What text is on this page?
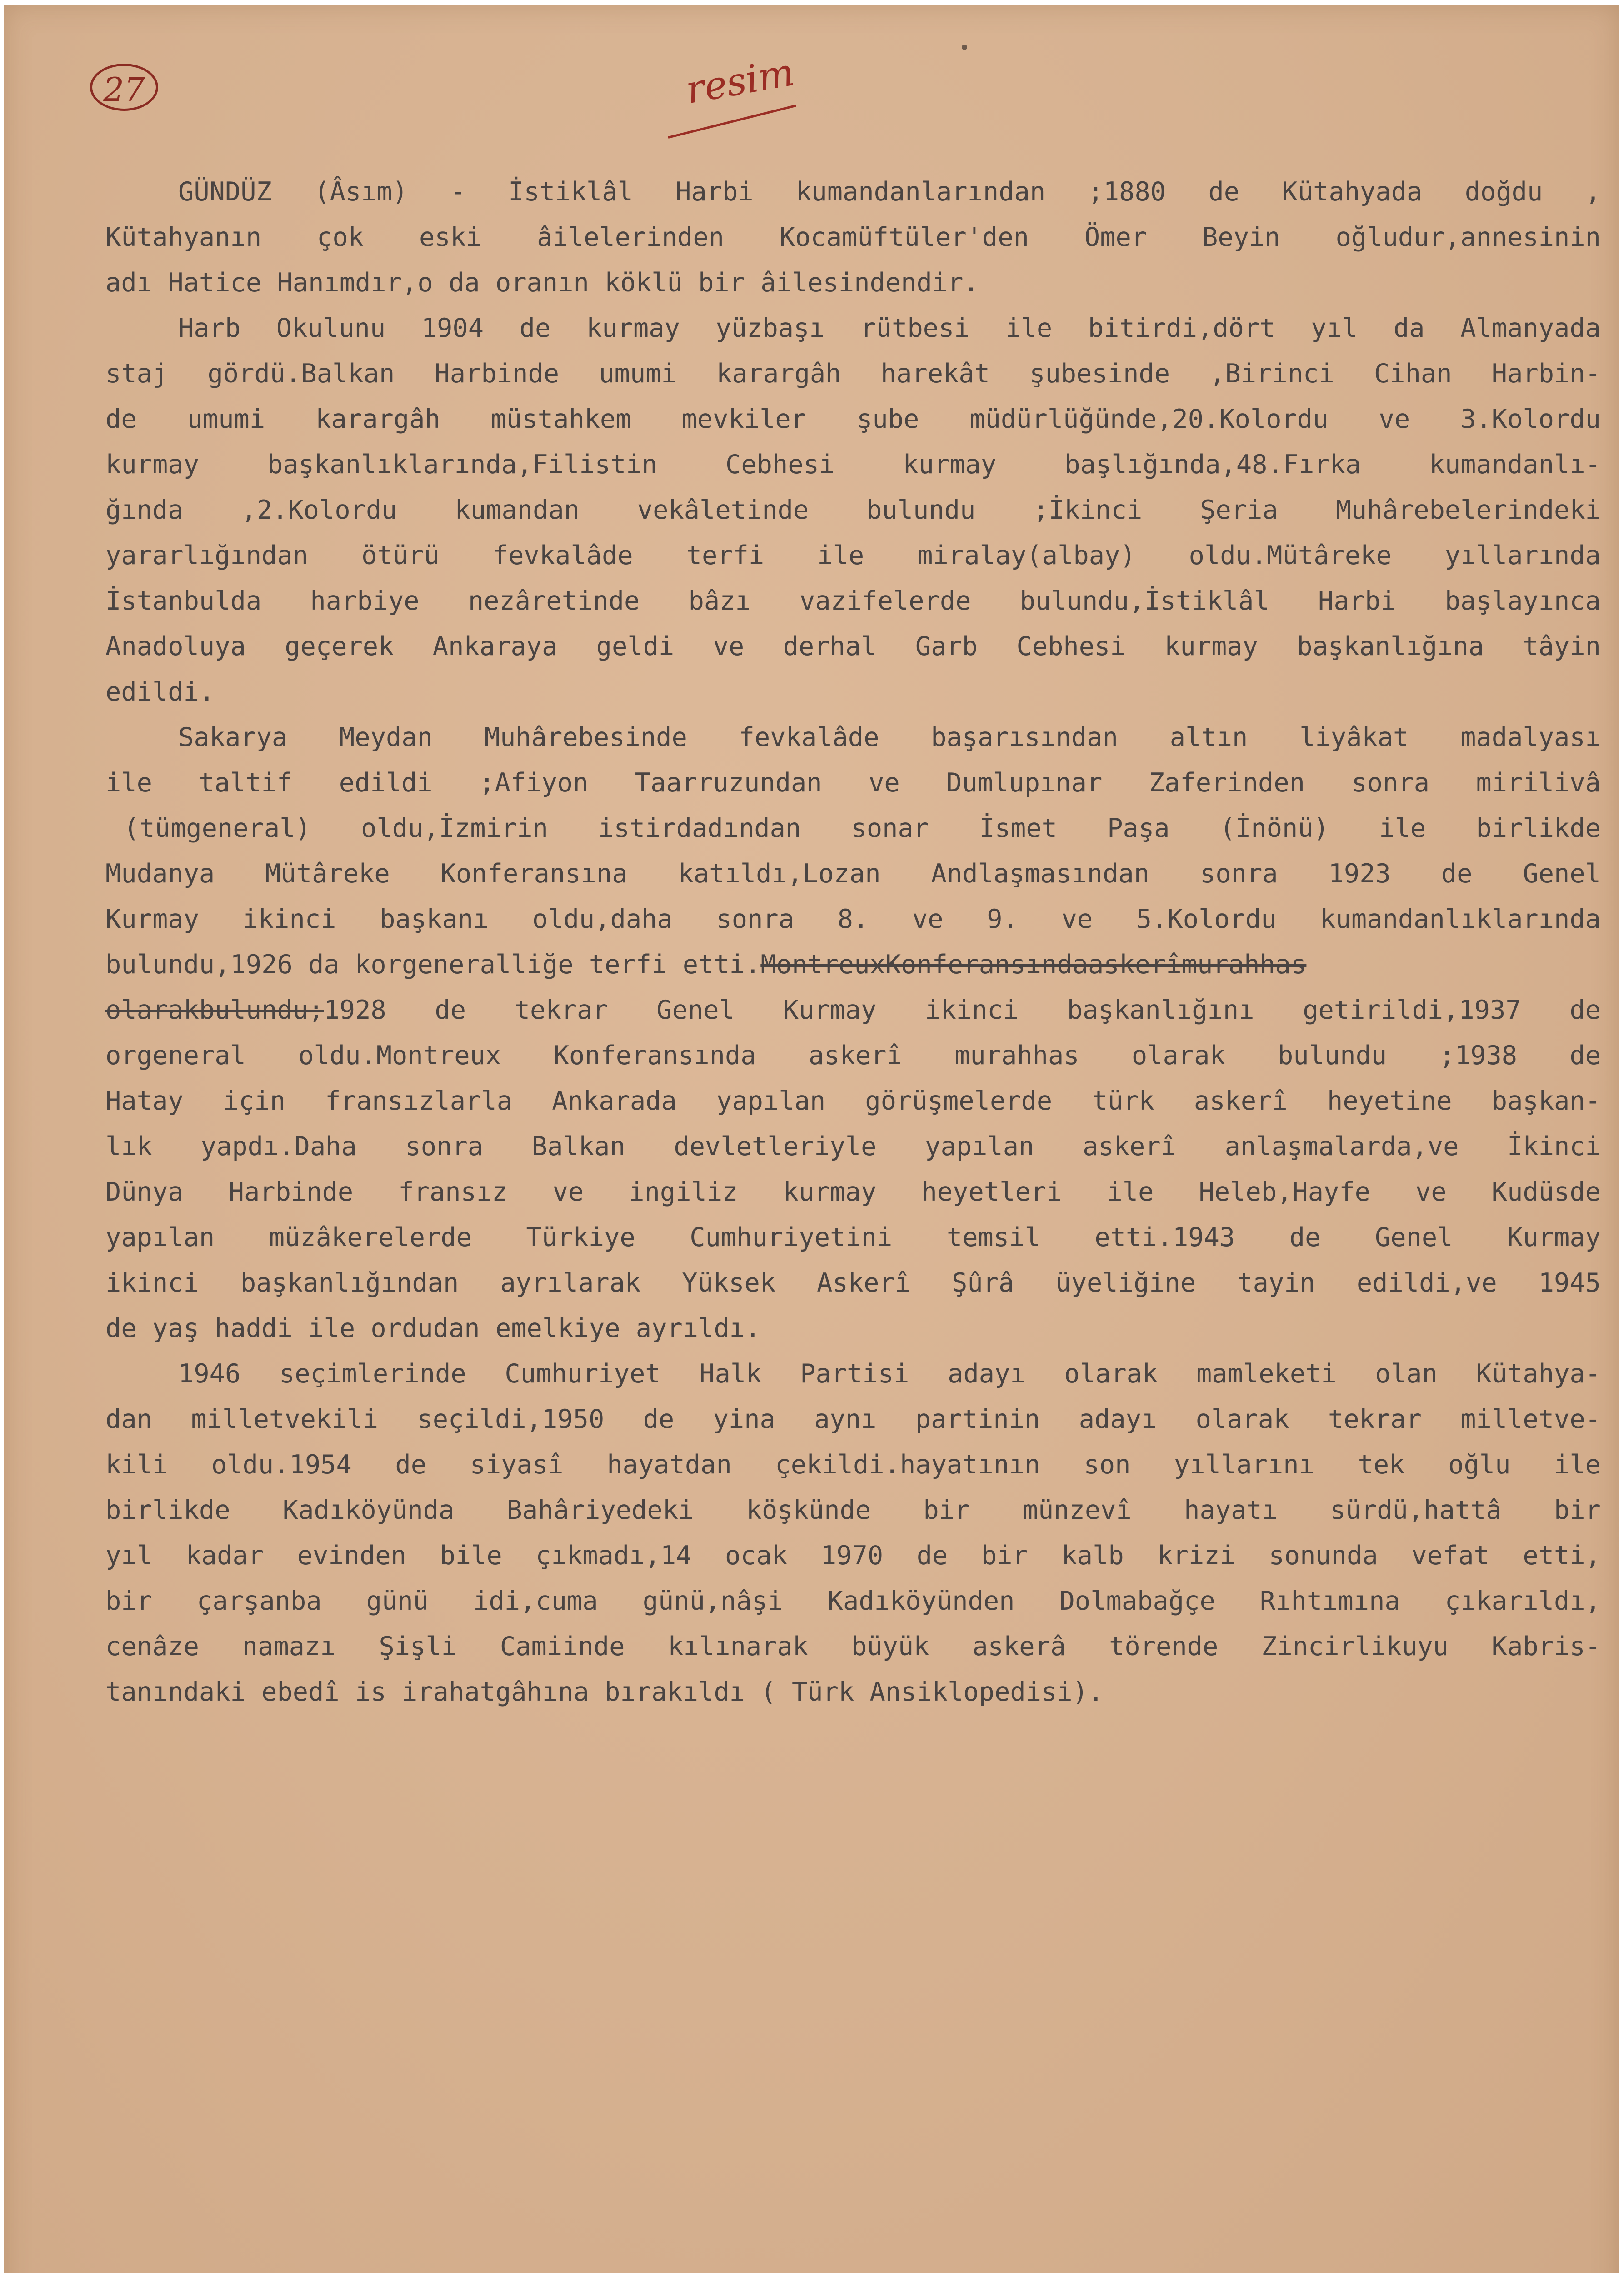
27	resim
GÜNDÜZ (Âsım) - İstiklâl Harbi kumandanlarından ;1880 de Kütahyada doğdu ,
Kütahyanın çok eski âilelerinden Kocamüftüler'den Ömer Beyin oğludur,annesinin
adı Hatice Hanımdır,o da oranın köklü bir âilesindendir.
Harb Okulunu 1904 de kurmay yüzbaşı rütbesi ile bitirdi,dört yıl da Almanyada
staj gördü.Balkan Harbinde umumi karargâh harekât şubesinde ,Birinci Cihan Harbin-
de umumi karargâh müstahkem mevkiler şube müdürlüğünde,20.Kolordu ve 3.Kolordu
kurmay başkanlıklarında,Filistin Cebhesi kurmay başlığında,48.Fırka kumandanlı-
ğında ,2.Kolordu kumandan vekâletinde bulundu ;İkinci Şeria Muhârebelerindeki
yararlığından ötürü fevkalâde terfi ile miralay(albay) oldu.Mütâreke yıllarında
İstanbulda harbiye nezâretinde bâzı vazifelerde bulundu,İstiklâl Harbi başlayınca
Anadoluya geçerek Ankaraya geldi ve derhal Garb Cebhesi kurmay başkanlığına tâyin
edildi.
Sakarya Meydan Muhârebesinde fevkalâde başarısından altın liyâkat madalyası
ile taltif edildi ;Afiyon Taarruzundan ve Dumlupınar Zaferinden sonra mirilivâ
(tümgeneral) oldu,İzmirin istirdadından sonar İsmet Paşa (İnönü) ile birlikde
Mudanya Mütâreke Konferansına katıldı,Lozan Andlaşmasından sonra 1923 de Genel
Kurmay ikinci başkanı oldu,daha sonra 8. ve 9. ve 5.Kolordu kumandanlıklarında
bulundu,1926 da korgeneralliğe terfi etti.MontreuxKonferansındaaskerîmurahhas
olarakbulundu;1928 de tekrar Genel Kurmay ikinci başkanlığını getirildi,1937 de
orgeneral oldu.Montreux Konferansında askerî murahhas olarak bulundu ;1938 de
Hatay için fransızlarla Ankarada yapılan görüşmelerde türk askerî heyetine başkan-
lık yapdı.Daha sonra Balkan devletleriyle yapılan askerî anlaşmalarda,ve İkinci
Dünya Harbinde fransız ve ingiliz kurmay heyetleri ile Heleb,Hayfe ve Kudüsde
yapılan müzâkerelerde Türkiye Cumhuriyetini temsil etti.1943 de Genel Kurmay
ikinci başkanlığından ayrılarak Yüksek Askerî Şûrâ üyeliğine tayin edildi,ve 1945
de yaş haddi ile ordudan emelkiye ayrıldı.
1946 seçimlerinde Cumhuriyet Halk Partisi adayı olarak mamleketi olan Kütahya-
dan milletvekili seçildi,1950 de yina aynı partinin adayı olarak tekrar milletve-
kili oldu.1954 de siyasî hayatdan çekildi.hayatının son yıllarını tek oğlu ile
birlikde Kadıköyünda Bahâriyedeki köşkünde bir münzevî hayatı sürdü,hattâ bir
yıl kadar evinden bile çıkmadı,14 ocak 1970 de bir kalb krizi sonunda vefat etti,
bir çarşanba günü idi,cuma günü,nâşi Kadıköyünden Dolmabağçe Rıhtımına çıkarıldı,
cenâze namazı Şişli Camiinde kılınarak büyük askerâ törende Zincirlikuyu Kabris-
tanındaki ebedî is irahatgâhına bırakıldı ( Türk Ansiklopedisi).
